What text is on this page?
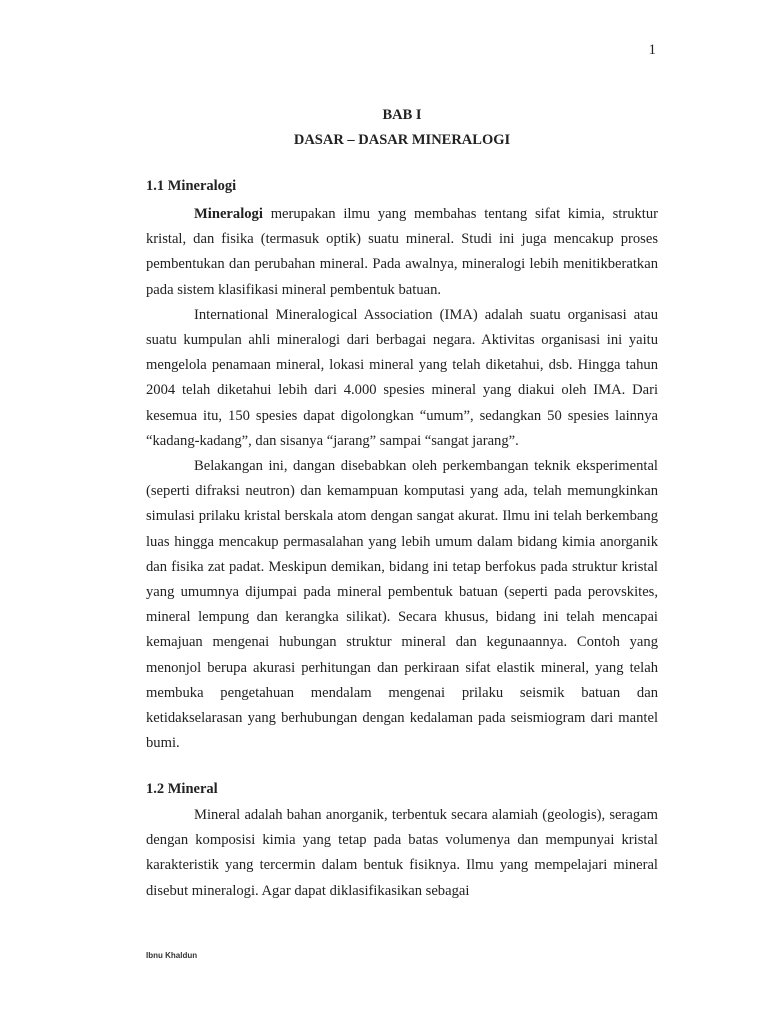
1
BAB I
DASAR – DASAR MINERALOGI
1.1 Mineralogi

Mineralogi merupakan ilmu yang membahas tentang sifat kimia, struktur kristal, dan fisika (termasuk optik) suatu mineral. Studi ini juga mencakup proses pembentukan dan perubahan mineral. Pada awalnya, mineralogi lebih menitikberatkan pada sistem klasifikasi mineral pembentuk batuan.

International Mineralogical Association (IMA) adalah suatu organisasi atau suatu kumpulan ahli mineralogi dari berbagai negara. Aktivitas organisasi ini yaitu mengelola penamaan mineral, lokasi mineral yang telah diketahui, dsb. Hingga tahun 2004 telah diketahui lebih dari 4.000 spesies mineral yang diakui oleh IMA. Dari kesemua itu, 150 spesies dapat digolongkan “umum”, sedangkan 50 spesies lainnya “kadang-kadang”, dan sisanya “jarang” sampai “sangat jarang”.

Belakangan ini, dangan disebabkan oleh perkembangan teknik eksperimental (seperti difraksi neutron) dan kemampuan komputasi yang ada, telah memungkinkan simulasi prilaku kristal berskala atom dengan sangat akurat. Ilmu ini telah berkembang luas hingga mencakup permasalahan yang lebih umum dalam bidang kimia anorganik dan fisika zat padat. Meskipun demikan, bidang ini tetap berfokus pada struktur kristal yang umumnya dijumpai pada mineral pembentuk batuan (seperti pada perovskites, mineral lempung dan kerangka silikat). Secara khusus, bidang ini telah mencapai kemajuan mengenai hubungan struktur mineral dan kegunaannya. Contoh yang menonjol berupa akurasi perhitungan dan perkiraan sifat elastik mineral, yang telah membuka pengetahuan mendalam mengenai prilaku seismik batuan dan ketidakselarasan yang berhubungan dengan kedalaman pada seismiogram dari mantel bumi.

1.2 Mineral

Mineral adalah bahan anorganik, terbentuk secara alamiah (geologis), seragam dengan komposisi kimia yang tetap pada batas volumenya dan mempunyai kristal karakteristik yang tercermin dalam bentuk fisiknya. Ilmu yang mempelajari mineral disebut mineralogi. Agar dapat diklasifikasikan sebagai

Ibnu Khaldun
